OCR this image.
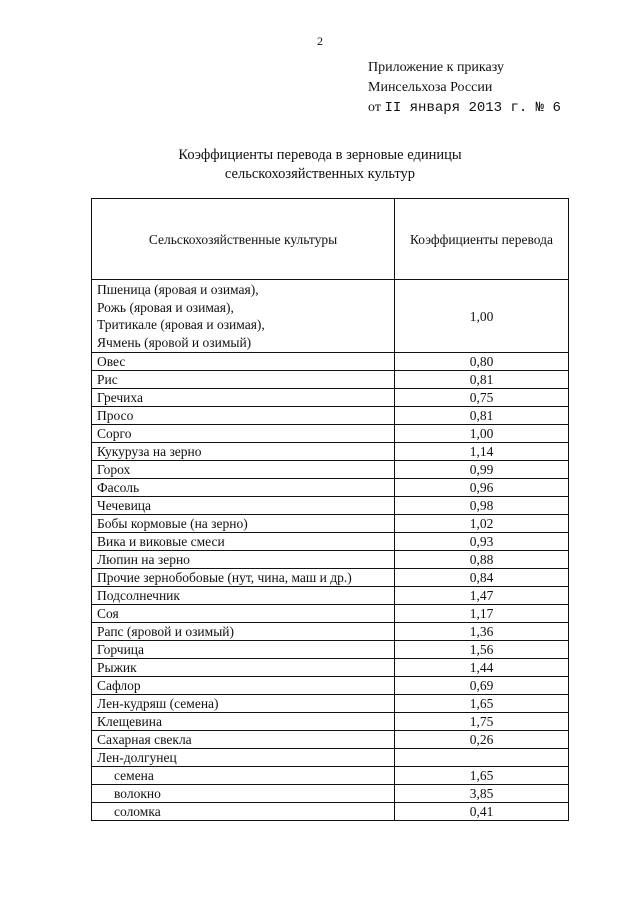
2
Приложение к приказу
Минсельхоза России
от II января 2013 г. № 6
Коэффициенты перевода в зерновые единицы
сельскохозяйственных культур
Сельскохозяйственные культуры	Коэффициенты перевода

Пшеница (яровая и озимая),
Рожь (яровая и озимая),
Тритикале (яровая и озимая),
Ячмень (яровой и озимый)	1,00
Овес	0,80
Рис	0,81
Гречиха	0,75
Просо	0,81
Сорго	1,00
Кукуруза на зерно	1,14
Горох	0,99
Фасоль	0,96
Чечевица	0,98
Бобы кормовые (на зерно)	1,02
Вика и виковые смеси	0,93
Люпин на зерно	0,88
Прочие зернобобовые (нут, чина, маш и др.)	0,84
Подсолнечник	1,47
Соя	1,17
Рапс (яровой и озимый)	1,36
Горчица	1,56
Рыжик	1,44
Сафлор	0,69
Лен-кудряш (семена)	1,65
Клещевина	1,75
Сахарная свекла	0,26
Лен-долгунец	
семена	1,65
волокно	3,85
соломка	0,41
